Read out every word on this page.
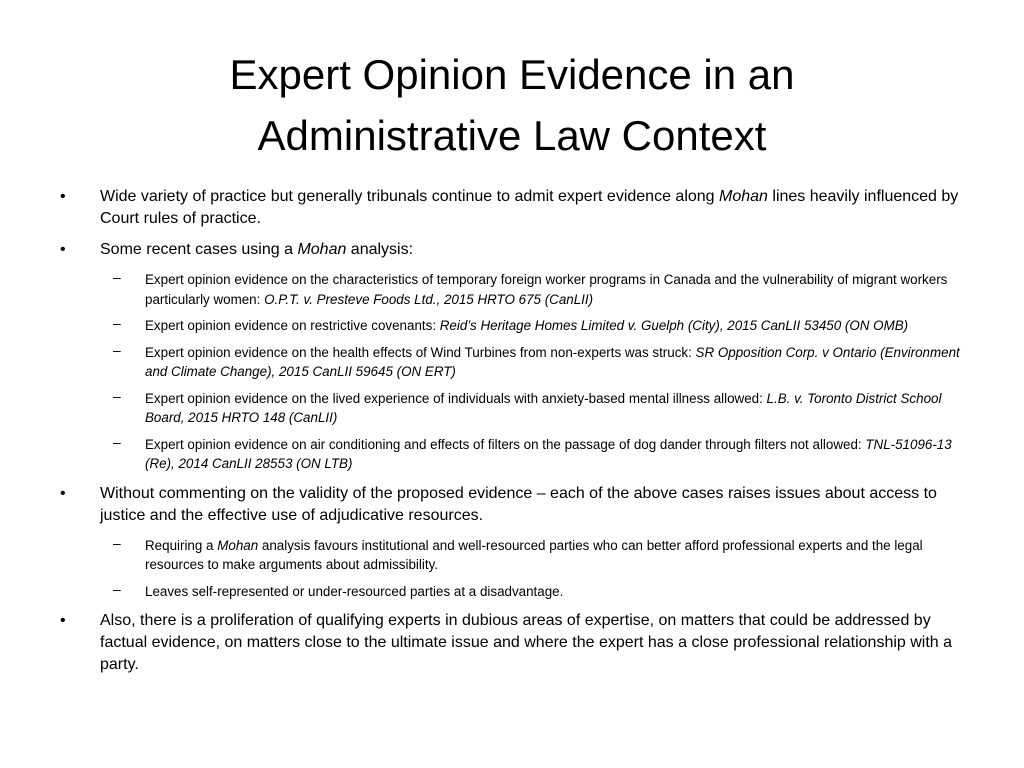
Expert Opinion Evidence in an
Administrative Law Context
• Wide variety of practice but generally tribunals continue to admit expert evidence along Mohan lines heavily influenced by Court rules of practice.
• Some recent cases using a Mohan analysis:
– Expert opinion evidence on the characteristics of temporary foreign worker programs in Canada and the vulnerability of migrant workers particularly women: O.P.T. v. Presteve Foods Ltd., 2015 HRTO 675 (CanLII)
– Expert opinion evidence on restrictive covenants: Reid’s Heritage Homes Limited v. Guelph (City), 2015 CanLII 53450 (ON OMB)
– Expert opinion evidence on the health effects of Wind Turbines from non-experts was struck: SR Opposition Corp. v Ontario (Environment and Climate Change), 2015 CanLII 59645 (ON ERT)
– Expert opinion evidence on the lived experience of individuals with anxiety-based mental illness allowed: L.B. v. Toronto District School Board, 2015 HRTO 148 (CanLII)
– Expert opinion evidence on air conditioning and effects of filters on the passage of dog dander through filters not allowed: TNL-51096-13 (Re), 2014 CanLII 28553 (ON LTB)
• Without commenting on the validity of the proposed evidence – each of the above cases raises issues about access to justice and the effective use of adjudicative resources.
– Requiring a Mohan analysis favours institutional and well-resourced parties who can better afford professional experts and the legal resources to make arguments about admissibility.
– Leaves self-represented or under-resourced parties at a disadvantage.
• Also, there is a proliferation of qualifying experts in dubious areas of expertise, on matters that could be addressed by factual evidence, on matters close to the ultimate issue and where the expert has a close professional relationship with a party.
